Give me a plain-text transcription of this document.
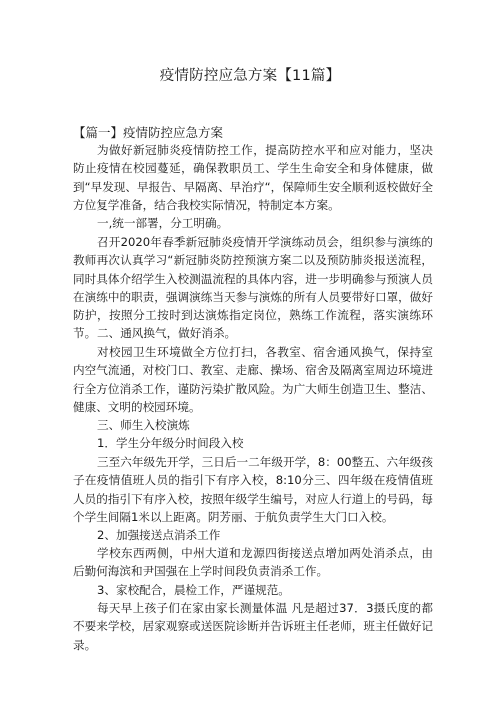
疫情防控应急方案【11篇】
【篇一】疫情防控应急方案

为做好新冠肺炎疫情防控工作，提高防控水平和应对能力，坚决防止疫情在校园蔓延，确保教职员工、学生生命安全和身体健康，做到“早发现、早报告、早隔离、早治疗“，保障师生安全顺利返校做好全方位复学准备，结合我校实际情况，特制定本方案。

一,统一部署，分工明确。

召开2020年春季新冠肺炎疫情开学演练动员会，组织参与演练的教师再次认真学习“新冠肺炎防控预演方案二以及预防肺炎报送流程，同时具体介绍学生入校测温流程的具体内容，进一步明确参与预演人员在演练中的职责，强调演练当天参与演炼的所有人员要带好口罩，做好防护，按照分工按时到达演炼指定岗位，熟练工作流程，落实演练环节。 二、通风换气，做好消杀。

对校园卫生环境做全方位打扫，各教室、宿舍通风换气，保持室内空气流通，对校门口、教室、走廊、操场、宿舍及隔离室周边环境进行全方位消杀工作，谨防污染扩散风险。为广大师生创造卫生、整洁、健康、文明的校园环境。

三、师生入校演炼

1．学生分年级分时间段入校

三至六年级先开学，三日后一二年级开学，8：00整五、六年级孩子在疫情值班人员的指引下有序入校，8:10分三、四年级在疫情值班人员的指引下有序入校，按照年级学生编号，对应人行道上的号码，每个学生间隔1米以上距离。阴芳丽、于航负责学生大门口入校。

2、加强接送点消杀工作

学校东西两侧，中州大道和龙源四街接送点增加两处消杀点，由后勤何海滨和尹国强在上学时间段负责消杀工作。

3、家校配合，晨检工作，严谨规范。

每天早上孩子们在家由家长测量体温 凡是超过37．3摄氏度的都不要来学校，居家观察或送医院诊断并告诉班主任老师，班主任做好记录。
